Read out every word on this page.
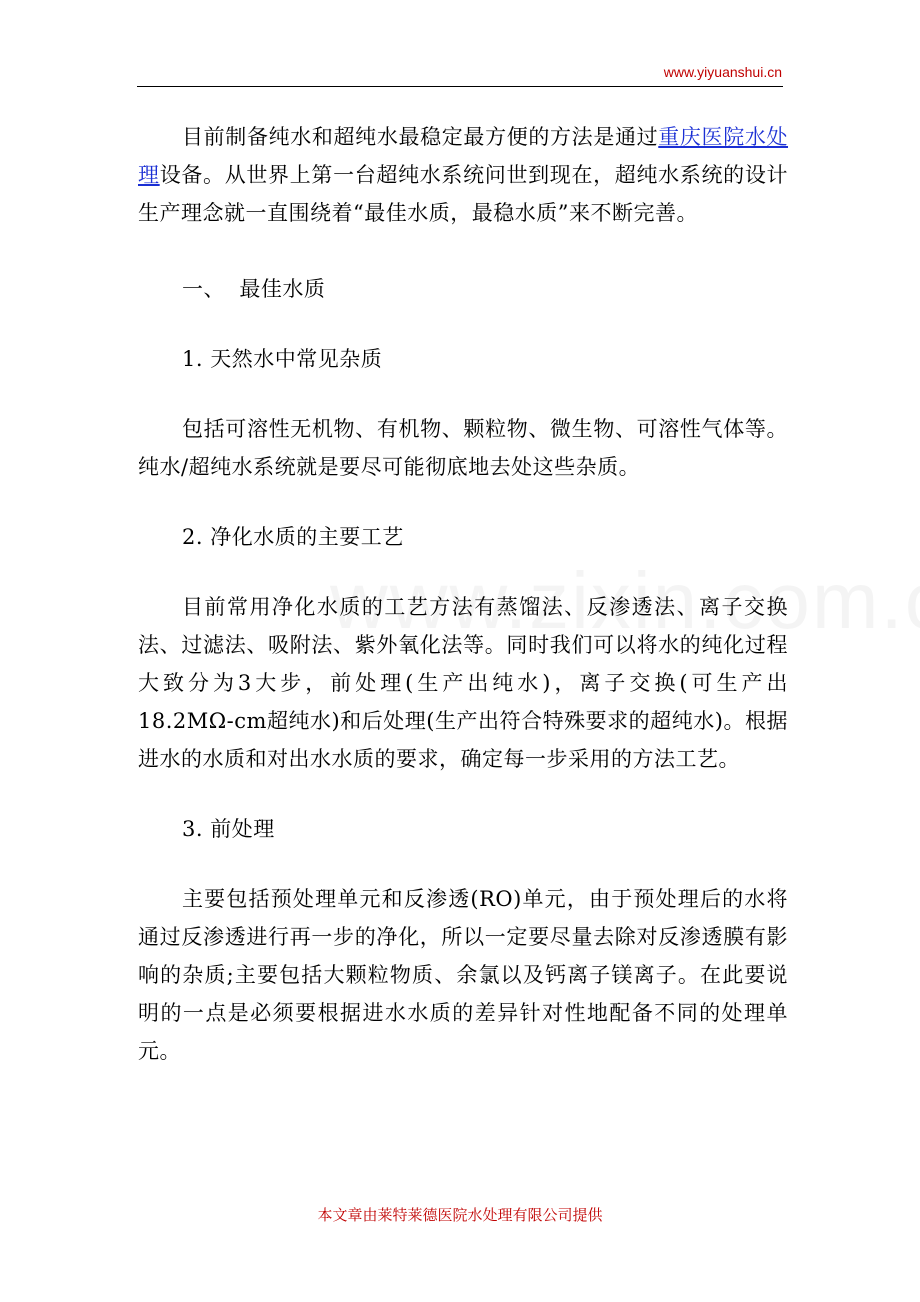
www.yiyuanshui.cn

目前制备纯水和超纯水最稳定最方便的方法是通过重庆医院水处理设备。从世界上第一台超纯水系统问世到现在，超纯水系统的设计生产理念就一直围绕着“最佳水质，最稳水质”来不断完善。

一、  最佳水质

1. 天然水中常见杂质

包括可溶性无机物、有机物、颗粒物、微生物、可溶性气体等。纯水/超纯水系统就是要尽可能彻底地去处这些杂质。

2. 净化水质的主要工艺

目前常用净化水质的工艺方法有蒸馏法、反渗透法、离子交换法、过滤法、吸附法、紫外氧化法等。同时我们可以将水的纯化过程大致分为3大步，前处理(生产出纯水)，离子交换(可生产出18.2MΩ-cm超纯水)和后处理(生产出符合特殊要求的超纯水)。根据进水的水质和对出水水质的要求，确定每一步采用的方法工艺。

3. 前处理

主要包括预处理单元和反渗透(RO)单元，由于预处理后的水将通过反渗透进行再一步的净化，所以一定要尽量去除对反渗透膜有影响的杂质;主要包括大颗粒物质、余氯以及钙离子镁离子。在此要说明的一点是必须要根据进水水质的差异针对性地配备不同的处理单元。

本文章由莱特莱德医院水处理有限公司提供
